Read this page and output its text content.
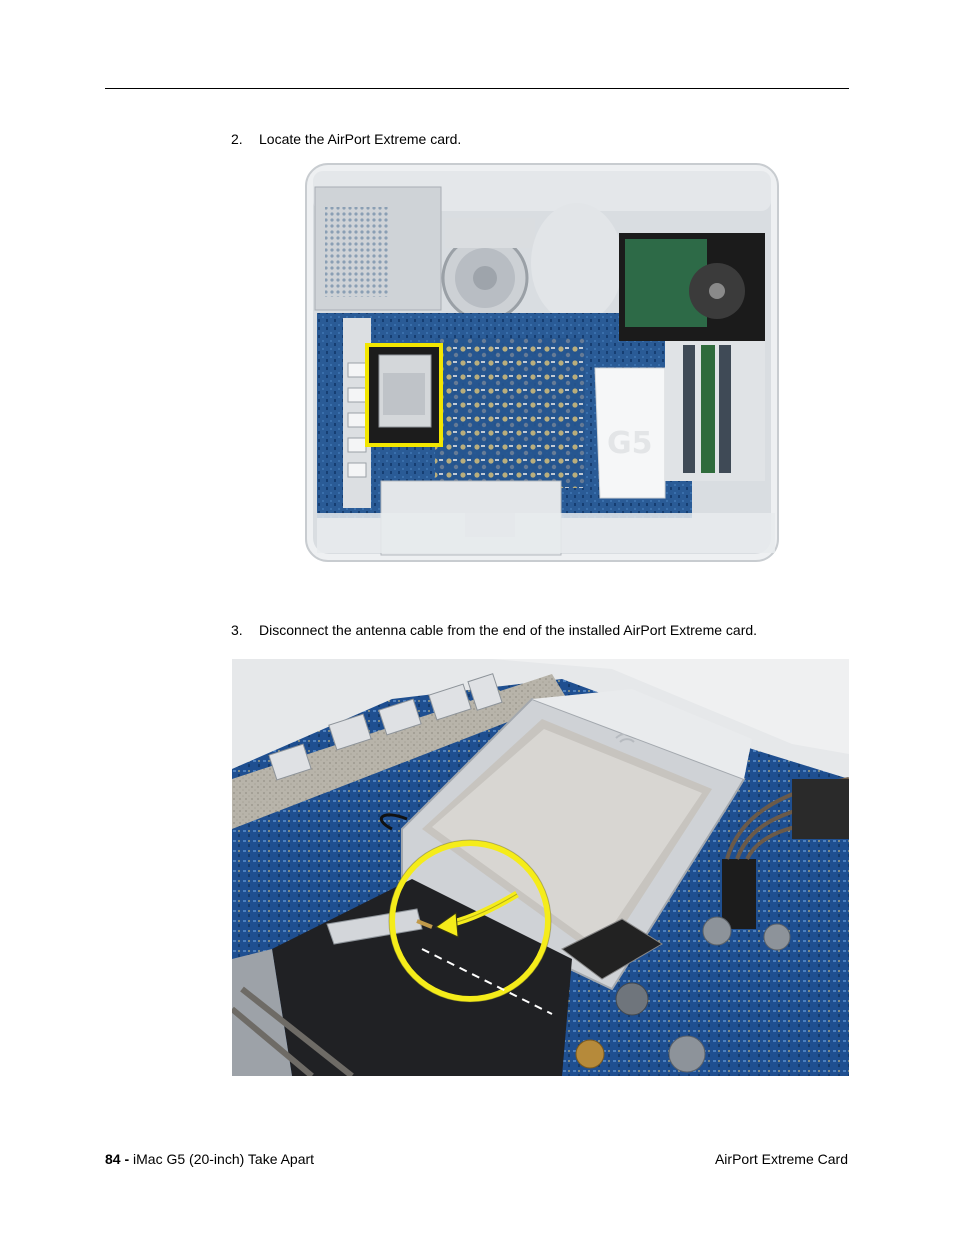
2. Locate the AirPort Extreme card.
G5
3. Disconnect the antenna cable from the end of the installed AirPort Extreme card.
84 - iMac G5 (20-inch) Take Apart	AirPort Extreme Card
